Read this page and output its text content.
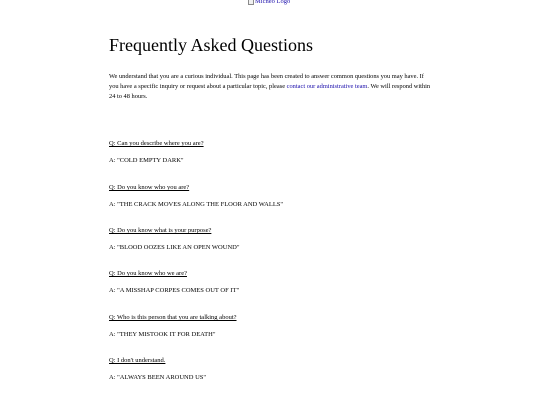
Micheo Logo
Frequently Asked Questions

We understand that you are a curious individual. This page has been created to answer common questions you may have. If you have a specific inquiry or request about a particular topic, please contact our administrative team. We will respond within 24 to 48 hours.

Q: Can you describe where you are?
A: "COLD EMPTY DARK"
Q: Do you know who you are?
A: "THE CRACK MOVES ALONG THE FLOOR AND WALLS"
Q: Do you know what is your purpose?
A: "BLOOD OOZES LIKE AN OPEN WOUND"
Q: Do you know who we are?
A: "A MISSHAP CORPES COMES OUT OF IT"
Q: Who is this person that you are talking about?
A: "THEY MISTOOK IT FOR DEATH"
Q: I don't understand.
A: "ALWAYS BEEN AROUND US"
